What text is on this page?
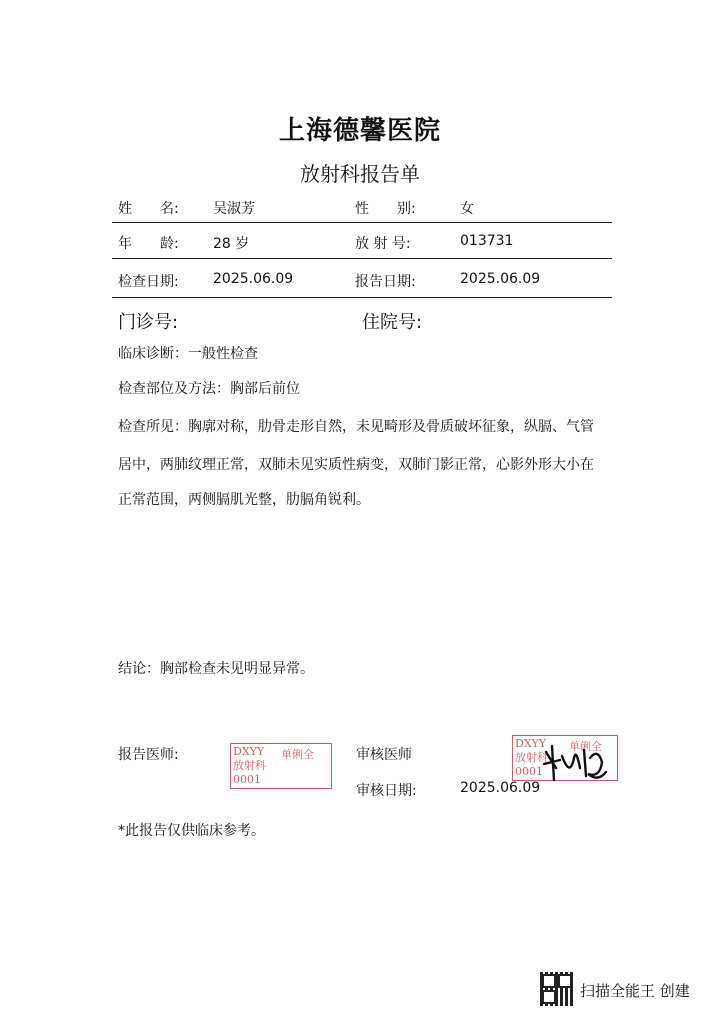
上海德馨医院
放射科报告单
姓　　名: 吴淑芳	性　　别:	女
年　　龄: 28 岁	放 射 号:	013731
检查日期: 2025.06.09	报告日期:	2025.06.09
门诊号:	住院号:
临床诊断：一般性检查
检查部位及方法：胸部后前位
检查所见：胸廓对称，肋骨走形自然，未见畸形及骨质破坏征象，纵膈、气管
居中，两肺纹理正常，双肺未见实质性病变，双肺门影正常，心影外形大小在
正常范围，两侧膈肌光整，肋膈角锐利。
结论：胸部检查未见明显异常。
报告医师:	审核医师
审核日期:	2025.06.09
DXYY
放射科
0001
单俐全
DXYY
放射科
0001
单俐全
*此报告仅供临床参考。
扫描全能王 创建
